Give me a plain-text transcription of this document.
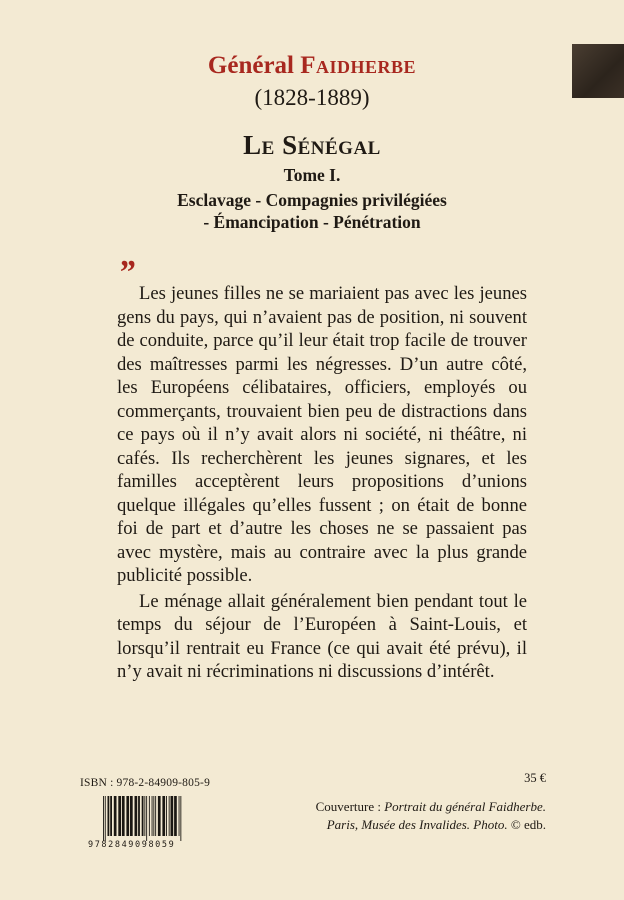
Général Faidherbe
(1828-1889)
Le Sénégal
Tome I.
Esclavage - Compagnies privilégiées
- Émancipation - Pénétration
”

Les jeunes filles ne se mariaient pas avec les jeunes gens du pays, qui n’avaient pas de position, ni souvent de conduite, parce qu’il leur était trop facile de trouver des maîtresses parmi les négresses. D’un autre côté, les Européens célibataires, officiers, employés ou commerçants, trouvaient bien peu de distractions dans ce pays où il n’y avait alors ni société, ni théâtre, ni cafés. Ils recherchèrent les jeunes signares, et les familles acceptèrent leurs propositions d’unions quelque illégales qu’elles fussent ; on était de bonne foi de part et d’autre les choses ne se passaient pas avec mystère, mais au contraire avec la plus grande publicité possible.

Le ménage allait généralement bien pendant tout le temps du séjour de l’Européen à Saint-Louis, et lorsqu’il rentrait eu France (ce qui avait été prévu), il n’y avait ni récriminations ni discussions d’intérêt.

ISBN : 978-2-84909-805-9	35 €
Couverture : Portrait du général Faidherbe.
Paris, Musée des Invalides. Photo. © edb.
9782849098059
